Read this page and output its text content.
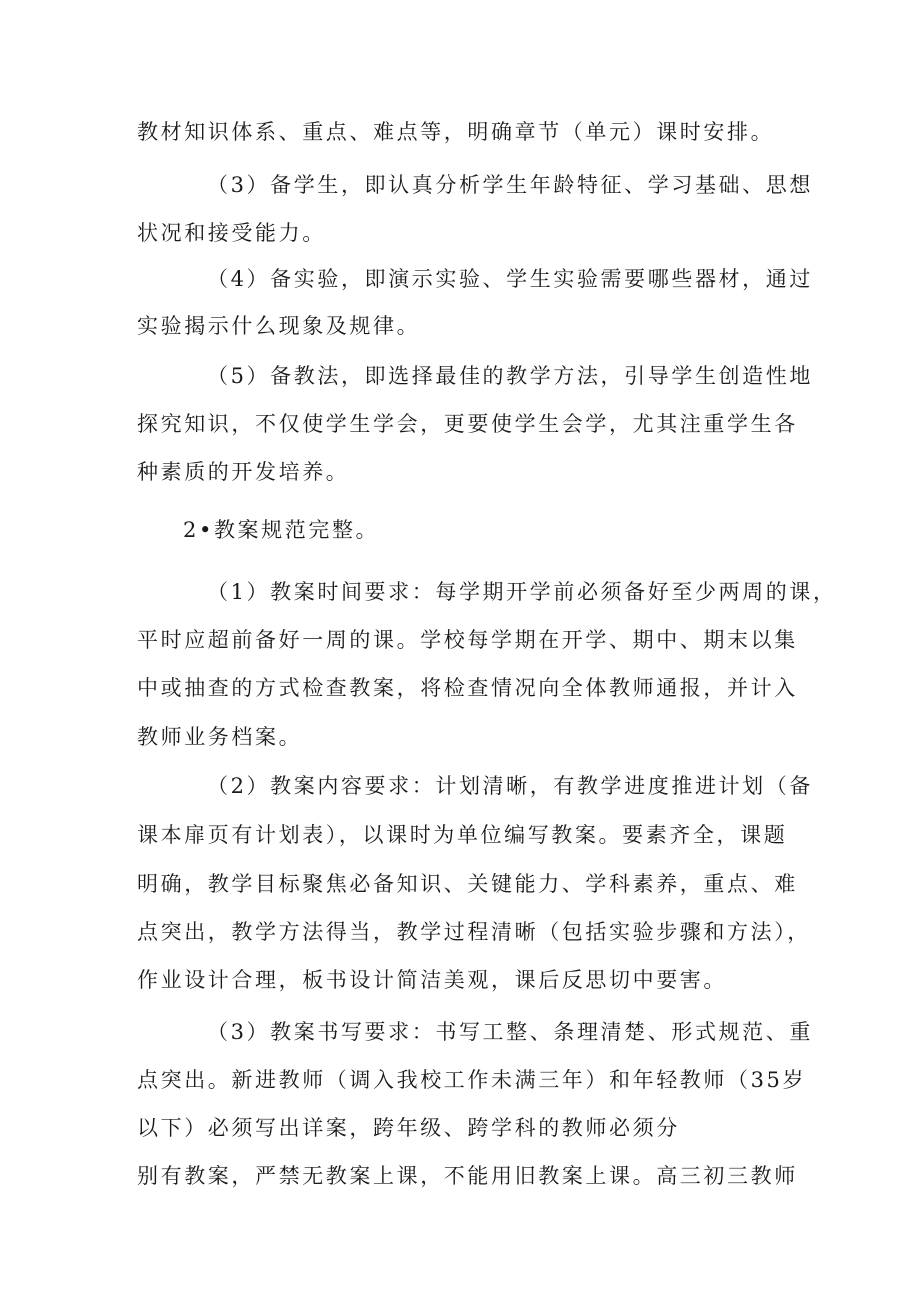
教材知识体系、重点、难点等，明确章节（单元）课时安排。
（3）备学生，即认真分析学生年龄特征、学习基础、思想
状况和接受能力。
（4）备实验，即演示实验、学生实验需要哪些器材，通过
实验揭示什么现象及规律。
（5）备教法，即选择最佳的教学方法，引导学生创造性地
探究知识，不仅使学生学会，更要使学生会学，尤其注重学生各
种素质的开发培养。
2•教案规范完整。
（1）教案时间要求：每学期开学前必须备好至少两周的课，
平时应超前备好一周的课。学校每学期在开学、期中、期末以集
中或抽查的方式检查教案，将检查情况向全体教师通报，并计入
教师业务档案。
（2）教案内容要求：计划清晰，有教学进度推进计划（备
课本扉页有计划表），以课时为单位编写教案。要素齐全，课题
明确，教学目标聚焦必备知识、关键能力、学科素养，重点、难
点突出，教学方法得当，教学过程清晰（包括实验步骤和方法），
作业设计合理，板书设计简洁美观，课后反思切中要害。
（3）教案书写要求：书写工整、条理清楚、形式规范、重
点突出。新进教师（调入我校工作未满三年）和年轻教师（35岁
以下）必须写出详案，跨年级、跨学科的教师必须分
别有教案，严禁无教案上课，不能用旧教案上课。高三初三教师
